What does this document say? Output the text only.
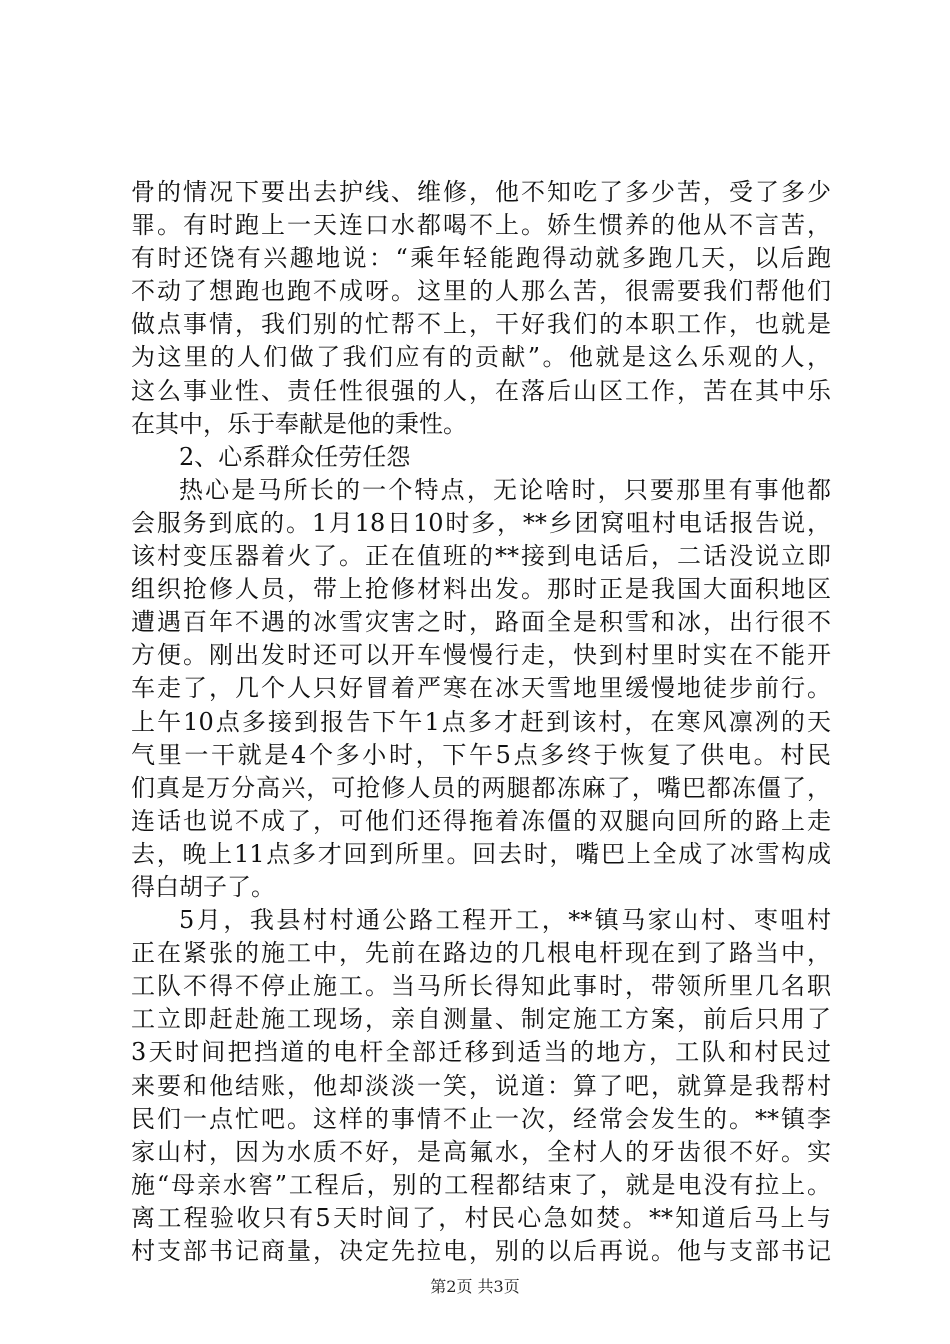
骨的情况下要出去护线、维修，他不知吃了多少苦，受了多少
罪。有时跑上一天连口水都喝不上。娇生惯养的他从不言苦，
有时还饶有兴趣地说：“乘年轻能跑得动就多跑几天，以后跑
不动了想跑也跑不成呀。这里的人那么苦，很需要我们帮他们
做点事情，我们别的忙帮不上，干好我们的本职工作，也就是
为这里的人们做了我们应有的贡献”。他就是这么乐观的人，
这么事业性、责任性很强的人，在落后山区工作，苦在其中乐
在其中，乐于奉献是他的秉性。
2、心系群众任劳任怨
热心是马所长的一个特点，无论啥时，只要那里有事他都
会服务到底的。1月18日10时多，**乡团窝咀村电话报告说，
该村变压器着火了。正在值班的**接到电话后，二话没说立即
组织抢修人员，带上抢修材料出发。那时正是我国大面积地区
遭遇百年不遇的冰雪灾害之时，路面全是积雪和冰，出行很不
方便。刚出发时还可以开车慢慢行走，快到村里时实在不能开
车走了，几个人只好冒着严寒在冰天雪地里缓慢地徒步前行。
上午10点多接到报告下午1点多才赶到该村，在寒风凛冽的天
气里一干就是4个多小时，下午5点多终于恢复了供电。村民
们真是万分高兴，可抢修人员的两腿都冻麻了，嘴巴都冻僵了，
连话也说不成了，可他们还得拖着冻僵的双腿向回所的路上走
去，晚上11点多才回到所里。回去时，嘴巴上全成了冰雪构成
得白胡子了。
5月，我县村村通公路工程开工，**镇马家山村、枣咀村
正在紧张的施工中，先前在路边的几根电杆现在到了路当中，
工队不得不停止施工。当马所长得知此事时，带领所里几名职
工立即赶赴施工现场，亲自测量、制定施工方案，前后只用了
3天时间把挡道的电杆全部迁移到适当的地方，工队和村民过
来要和他结账，他却淡淡一笑，说道：算了吧，就算是我帮村
民们一点忙吧。这样的事情不止一次，经常会发生的。**镇李
家山村，因为水质不好，是高氟水，全村人的牙齿很不好。实
施“母亲水窖”工程后，别的工程都结束了，就是电没有拉上。
离工程验收只有5天时间了，村民心急如焚。**知道后马上与
村支部书记商量，决定先拉电，别的以后再说。他与支部书记
第2页 共3页
